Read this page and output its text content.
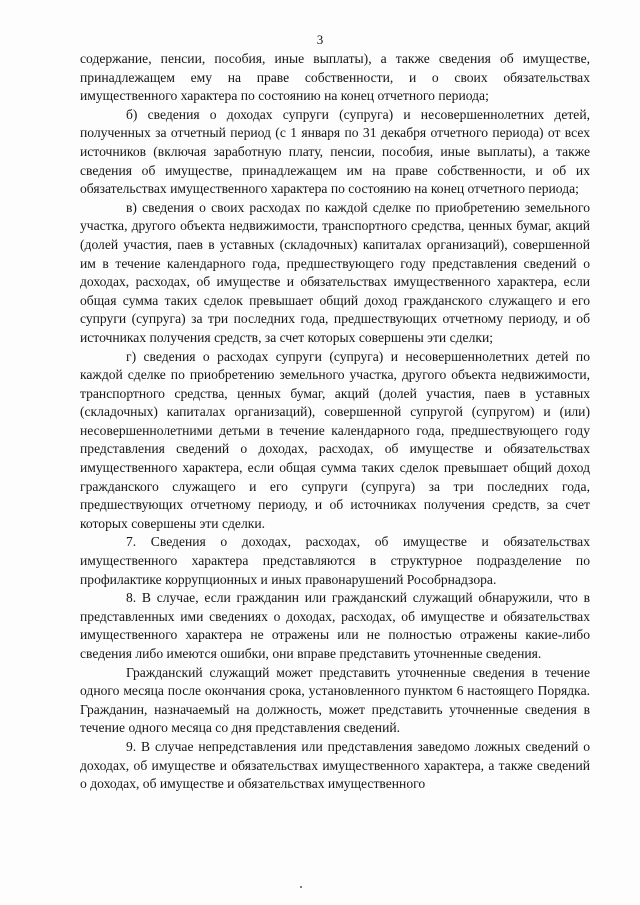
3

содержание, пенсии, пособия, иные выплаты), а также сведения об имуществе, принадлежащем ему на праве собственности, и о своих обязательствах имущественного характера по состоянию на конец отчетного периода;

б) сведения о доходах супруги (супруга) и несовершеннолетних детей, полученных за отчетный период (с 1 января по 31 декабря отчетного периода) от всех источников (включая заработную плату, пенсии, пособия, иные выплаты), а также сведения об имуществе, принадлежащем им на праве собственности, и об их обязательствах имущественного характера по состоянию на конец отчетного периода;

в) сведения о своих расходах по каждой сделке по приобретению земельного участка, другого объекта недвижимости, транспортного средства, ценных бумаг, акций (долей участия, паев в уставных (складочных) капиталах организаций), совершенной им в течение календарного года, предшествующего году представления сведений о доходах, расходах, об имуществе и обязательствах имущественного характера, если общая сумма таких сделок превышает общий доход гражданского служащего и его супруги (супруга) за три последних года, предшествующих отчетному периоду, и об источниках получения средств, за счет которых совершены эти сделки;

г) сведения о расходах супруги (супруга) и несовершеннолетних детей по каждой сделке по приобретению земельного участка, другого объекта недвижимости, транспортного средства, ценных бумаг, акций (долей участия, паев в уставных (складочных) капиталах организаций), совершенной супругой (супругом) и (или) несовершеннолетними детьми в течение календарного года, предшествующего году представления сведений о доходах, расходах, об имуществе и обязательствах имущественного характера, если общая сумма таких сделок превышает общий доход гражданского служащего и его супруги (супруга) за три последних года, предшествующих отчетному периоду, и об источниках получения средств, за счет которых совершены эти сделки.

7. Сведения о доходах, расходах, об имуществе и обязательствах имущественного характера представляются в структурное подразделение по профилактике коррупционных и иных правонарушений Рособрнадзора.

8. В случае, если гражданин или гражданский служащий обнаружили, что в представленных ими сведениях о доходах, расходах, об имуществе и обязательствах имущественного характера не отражены или не полностью отражены какие-либо сведения либо имеются ошибки, они вправе представить уточненные сведения.

Гражданский служащий может представить уточненные сведения в течение одного месяца после окончания срока, установленного пунктом 6 настоящего Порядка. Гражданин, назначаемый на должность, может представить уточненные сведения в течение одного месяца со дня представления сведений.

9. В случае непредставления или представления заведомо ложных сведений о доходах, об имуществе и обязательствах имущественного характера, а также сведений о доходах, об имуществе и обязательствах имущественного
